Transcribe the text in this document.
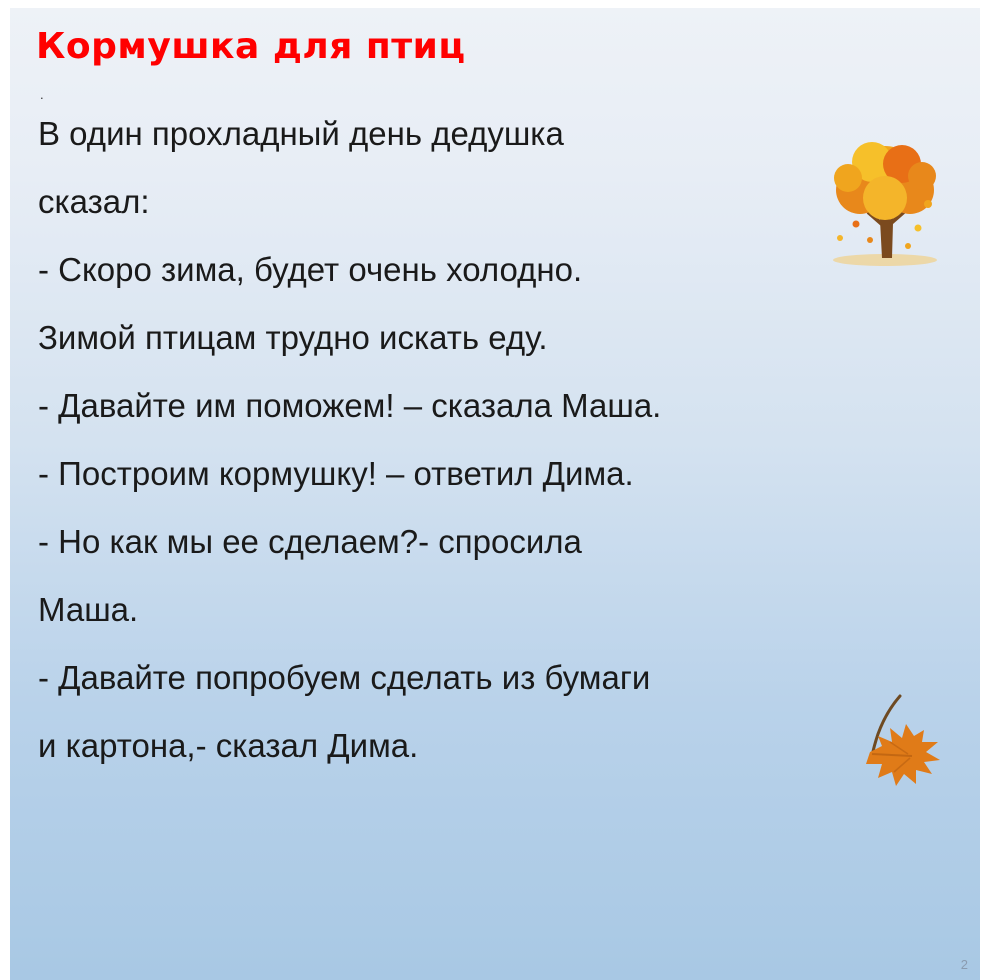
Кормушка для птиц
.

В один прохладный день дедушка

сказал:

- Скоро зима, будет очень холодно.

Зимой птицам трудно искать еду.

- Давайте им поможем! – сказала Маша.

- Построим кормушку! – ответил Дима.

- Но как мы ее сделаем?- спросила

Маша.

- Давайте попробуем сделать из бумаги

и картона,- сказал Дима.

2
